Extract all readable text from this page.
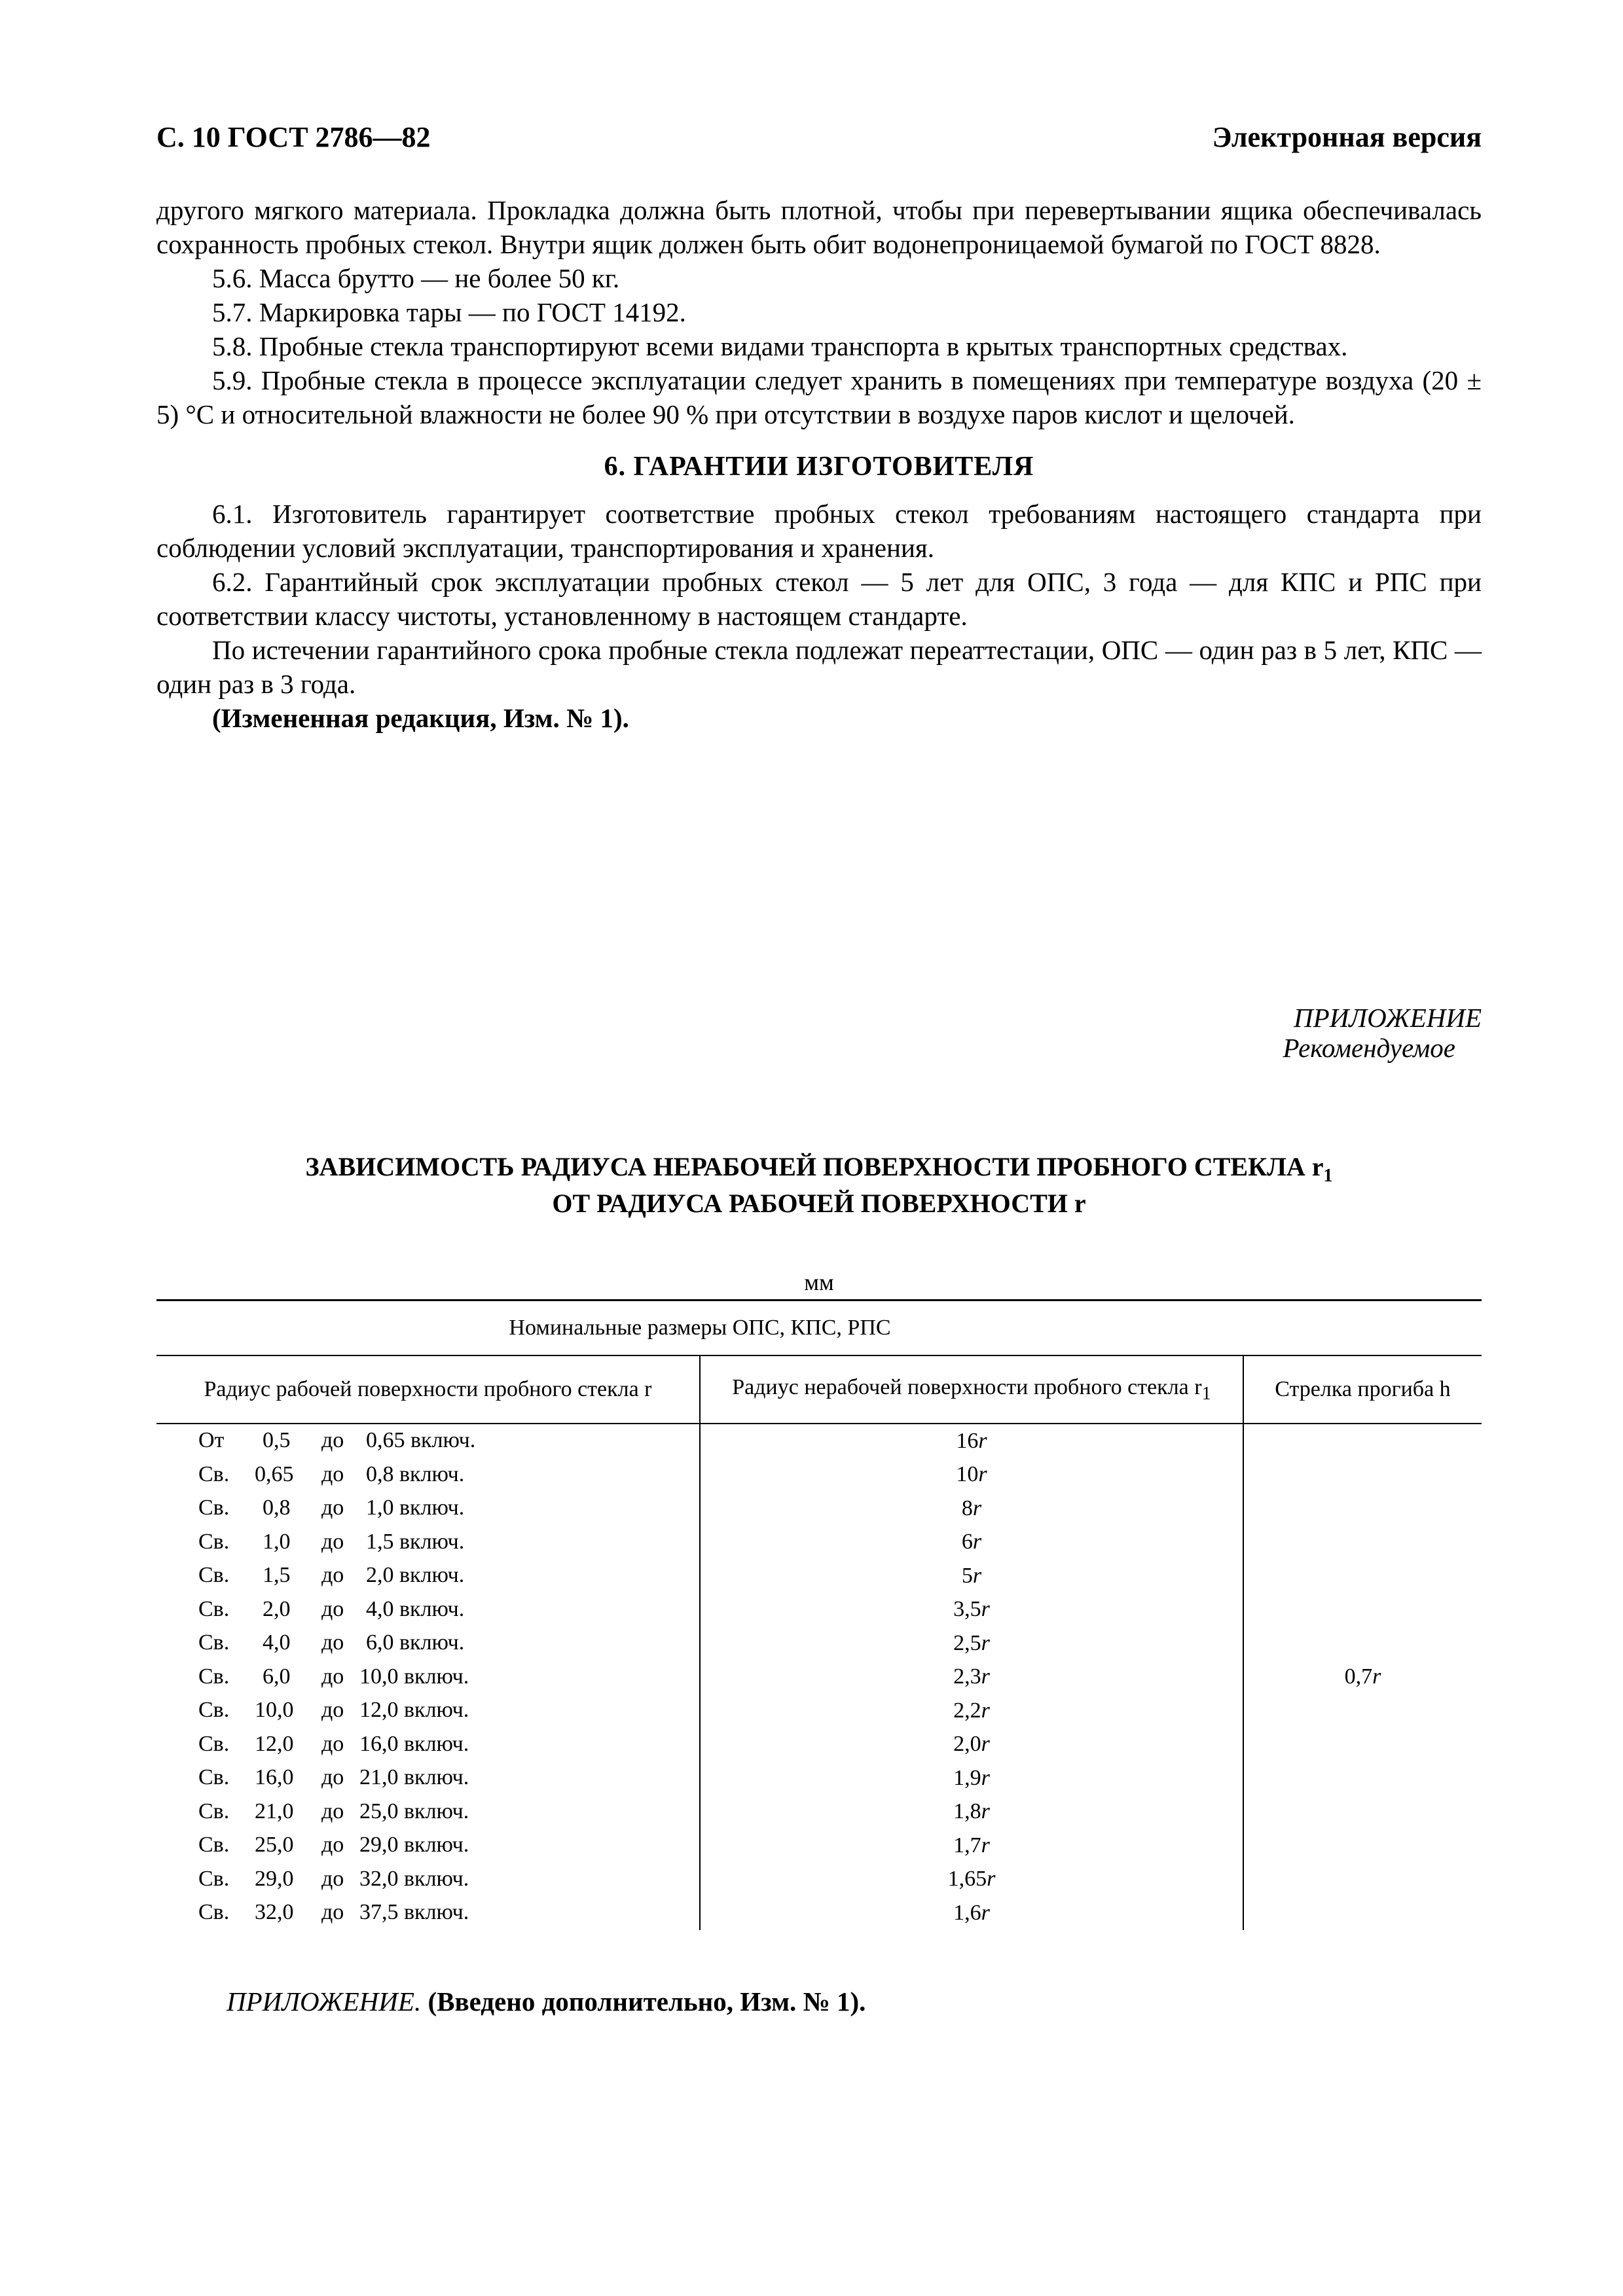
С. 10 ГОСТ 2786—82	Электронная версия

другого мягкого материала. Прокладка должна быть плотной, чтобы при перевертывании ящика обеспечивалась сохранность пробных стекол. Внутри ящик должен быть обит водонепроницаемой бумагой по ГОСТ 8828.

5.6. Масса брутто — не более 50 кг.

5.7. Маркировка тары — по ГОСТ 14192.

5.8. Пробные стекла транспортируют всеми видами транспорта в крытых транспортных средствах.

5.9. Пробные стекла в процессе эксплуатации следует хранить в помещениях при температуре воздуха (20 ± 5) °С и относительной влажности не более 90 % при отсутствии в воздухе паров кислот и щелочей.

6. ГАРАНТИИ ИЗГОТОВИТЕЛЯ

6.1. Изготовитель гарантирует соответствие пробных стекол требованиям настоящего стандарта при соблюдении условий эксплуатации, транспортирования и хранения.

6.2. Гарантийный срок эксплуатации пробных стекол — 5 лет для ОПС, 3 года — для КПС и РПС при соответствии классу чистоты, установленному в настоящем стандарте.

По истечении гарантийного срока пробные стекла подлежат переаттестации, ОПС — один раз в 5 лет, КПС — один раз в 3 года.

(Измененная редакция, Изм. № 1).

ПРИЛОЖЕНИЕ

Рекомендуемое
ЗАВИСИМОСТЬ РАДИУСА НЕРАБОЧЕЙ ПОВЕРХНОСТИ ПРОБНОГО СТЕКЛА $r_1$
ОТ РАДИУСА РАБОЧЕЙ ПОВЕРХНОСТИ r
мм
Номинальные размеры ОПС, КПС, РПС		
Радиус рабочей поверхности пробного стекла r	Радиус нерабочей поверхности пробного стекла $r_1$	Стрелка прогиба h

От 0,5 до 0,65 включ.	16r	0,7r

Св. 0,65 до 0,8 включ.	10r	

Св. 0,8 до 1,0 включ.	8r	

Св. 1,0 до 1,5 включ.	6r	

Св. 1,5 до 2,0 включ.	5r	

Св. 2,0 до 4,0 включ.	3,5r	

Св. 4,0 до 6,0 включ.	2,5r	

Св. 6,0 до 10,0 включ.	2,3r	

Св. 10,0 до 12,0 включ.	2,2r	

Св. 12,0 до 16,0 включ.	2,0r	

Св. 16,0 до 21,0 включ.	1,9r	

Св. 21,0 до 25,0 включ.	1,8r	

Св. 25,0 до 29,0 включ.	1,7r	

Св. 29,0 до 32,0 включ.	1,65r	

Св. 32,0 до 37,5 включ.	1,6r	
ПРИЛОЖЕНИЕ. (Введено дополнительно, Изм. № 1).
